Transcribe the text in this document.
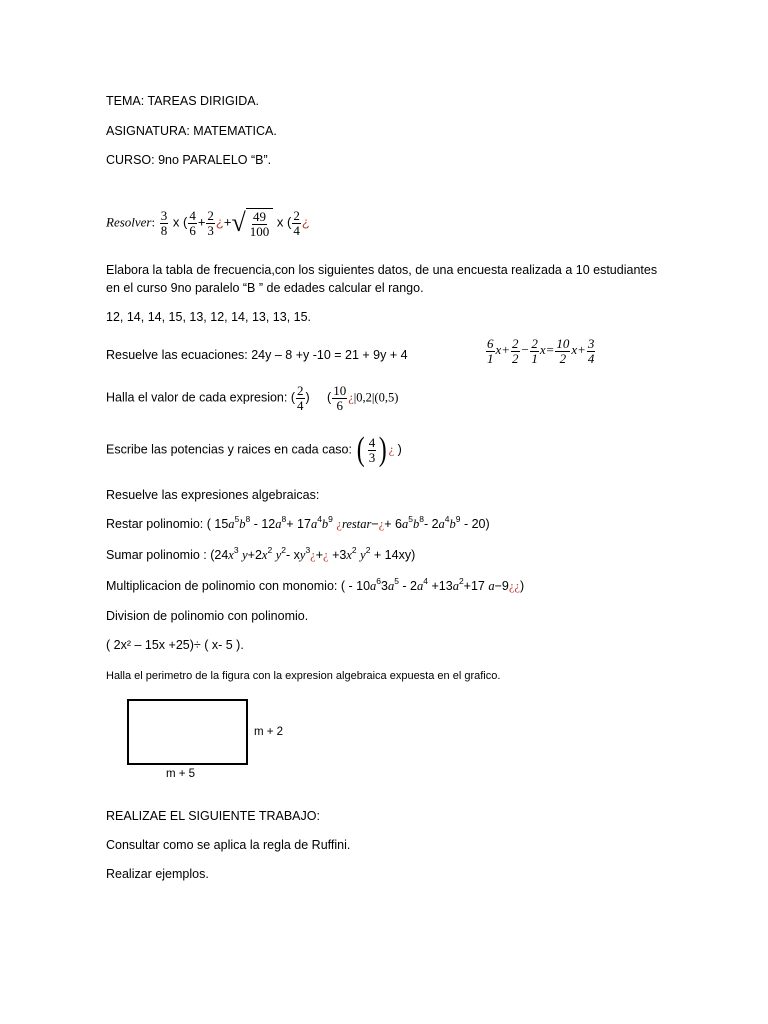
TEMA: TAREAS DIRIGIDA.
ASIGNATURA: MATEMATICA.
CURSO: 9no PARALELO “B”.
Resolver: $\frac{3}{8}$ x ( $\frac{4}{6} + \frac{2}{3}$ ¿+ √ $\frac{49}{100}$ x ( $\frac{2}{4}$ ¿
Elabora la tabla de frecuencia,con los siguientes datos, de una encuesta realizada a 10 estudiantes
en el curso 9no paralelo “B ” de edades calcular el rango.
12, 14, 14, 15, 13, 12, 14, 13, 13, 15.
Resuelve las ecuaciones: 24y – 8 +y -10 = 21 + 9y + 4	$\frac{6}{1} x+ \frac{2}{2} - \frac{2}{1} x= \frac{10}{2} x+ \frac{3}{4}$
Halla el valor de cada expresion: ( $\frac{2}{4}$ )     ( $\frac{10}{6}$ ¿|0,2|(0,5)
Escribe las potencias y raices en cada caso: ( $\frac{4}{3}$ ) ¿ )
Resuelve las expresiones algebraicas:
Restar polinomio: ( $15a^5b^8 - 12a^8+ 17a^4b^9$ ¿restar−¿+ $6a^5b^8-$ $2a^4b^9 - 20$)
Sumar polinomio : ($24x^3$ $y+2x^2$ $y^2-$ $xy^3¿+¿ +3x^2$ $y^2 + 14xy$)
Multiplicacion de polinomio con monomio: ( - $10a^63a^5 - 2a^4 +13a^2+17$ a−9¿¿)
Division de polinomio con polinomio.
( 2x² – 15x +25)÷ ( x- 5 ).
Halla el perimetro de la figura con la expresion algebraica expuesta en el grafico.
m + 2
m + 5
REALIZAE EL SIGUIENTE TRABAJO:
Consultar como se aplica la regla de Ruffini.
Realizar ejemplos.
